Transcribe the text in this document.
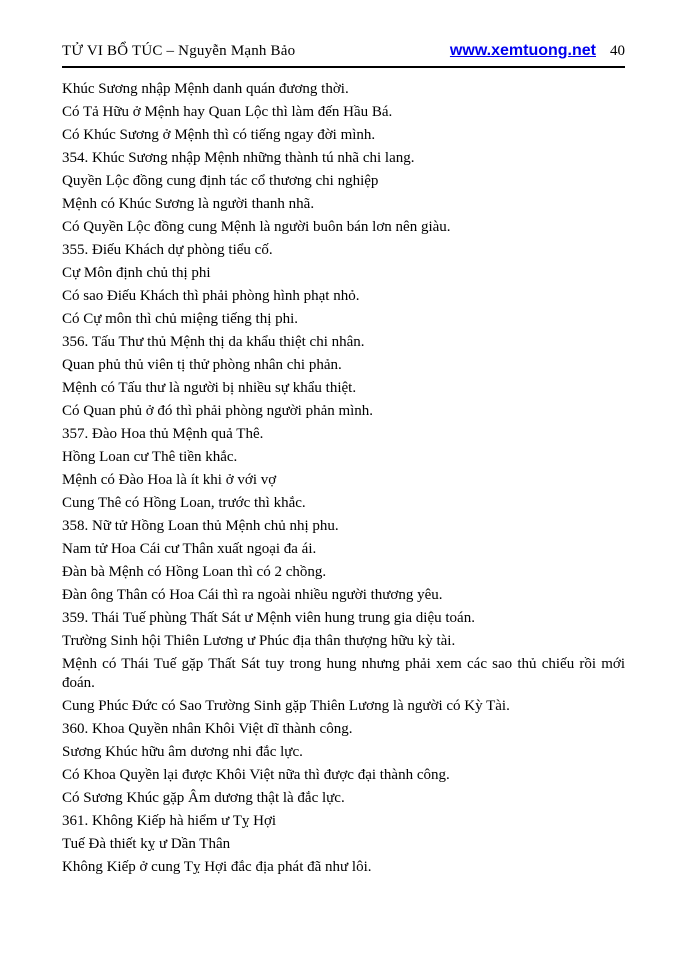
TỬ VI BỔ TÚC – Nguyễn Mạnh Bảo	www.xemtuong.net 40

Khúc Sương nhập Mệnh danh quán đương thời.

Có Tả Hữu ở Mệnh hay Quan Lộc thì làm đến Hầu Bá.

Có Khúc Sương ở Mệnh thì có tiếng ngay đời mình.

354. Khúc Sương nhập Mệnh những thành tú nhã chi lang.

Quyền Lộc đồng cung định tác cổ thương chi nghiệp

Mệnh có Khúc Sương là người thanh nhã.

Có Quyền Lộc đồng cung Mệnh là người buôn bán lơn nên giàu.

355. Điếu Khách dự phòng tiểu cố.

Cự Môn định chủ thị phi

Có sao Điếu Khách thì phải phòng hình phạt nhỏ.

Có Cự môn thì chủ miệng tiếng thị phi.

356. Tấu Thư thủ Mệnh thị da khẩu thiệt chi nhân.

Quan phủ thủ viên tị thử phòng nhân chi phản.

Mệnh có Tấu thư là người bị nhiều sự khẩu thiệt.

Có Quan phủ ở đó thì phải phòng người phản mình.

357. Đào Hoa thủ Mệnh quả Thê.

Hồng Loan cư Thê tiền khắc.

Mệnh có Đào Hoa là ít khi ở với vợ

Cung Thê có Hồng Loan, trước thì khắc.

358. Nữ tử Hồng Loan thủ Mệnh chủ nhị phu.

Nam tử Hoa Cái cư Thân xuất ngoại đa ái.

Đàn bà Mệnh có Hồng Loan thì có 2 chồng.

Đàn ông Thân có Hoa Cái thì ra ngoài nhiều người thương yêu.

359. Thái Tuế phùng Thất Sát ư Mệnh viên hung trung gia diệu toán.

Trường Sinh hội Thiên Lương ư Phúc địa thân thượng hữu kỳ tài.

Mệnh có Thái Tuế gặp Thất Sát tuy trong hung nhưng phải xem các sao thủ chiếu rồi mới đoán.

Cung Phúc Đức có Sao Trường Sinh gặp Thiên Lương là người có Kỳ Tài.

360. Khoa Quyền nhân Khôi Việt dĩ thành công.

Sương Khúc hữu âm dương nhi đắc lực.

Có Khoa Quyền lại được Khôi Việt nữa thì được đại thành công.

Có Sương Khúc gặp Âm dương thật là đắc lực.

361. Không Kiếp hà hiểm ư Tỵ Hợi

Tuế Đà thiết kỵ ư Dần Thân

Không Kiếp ở cung Tỵ Hợi đắc địa phát đã như lôi.
